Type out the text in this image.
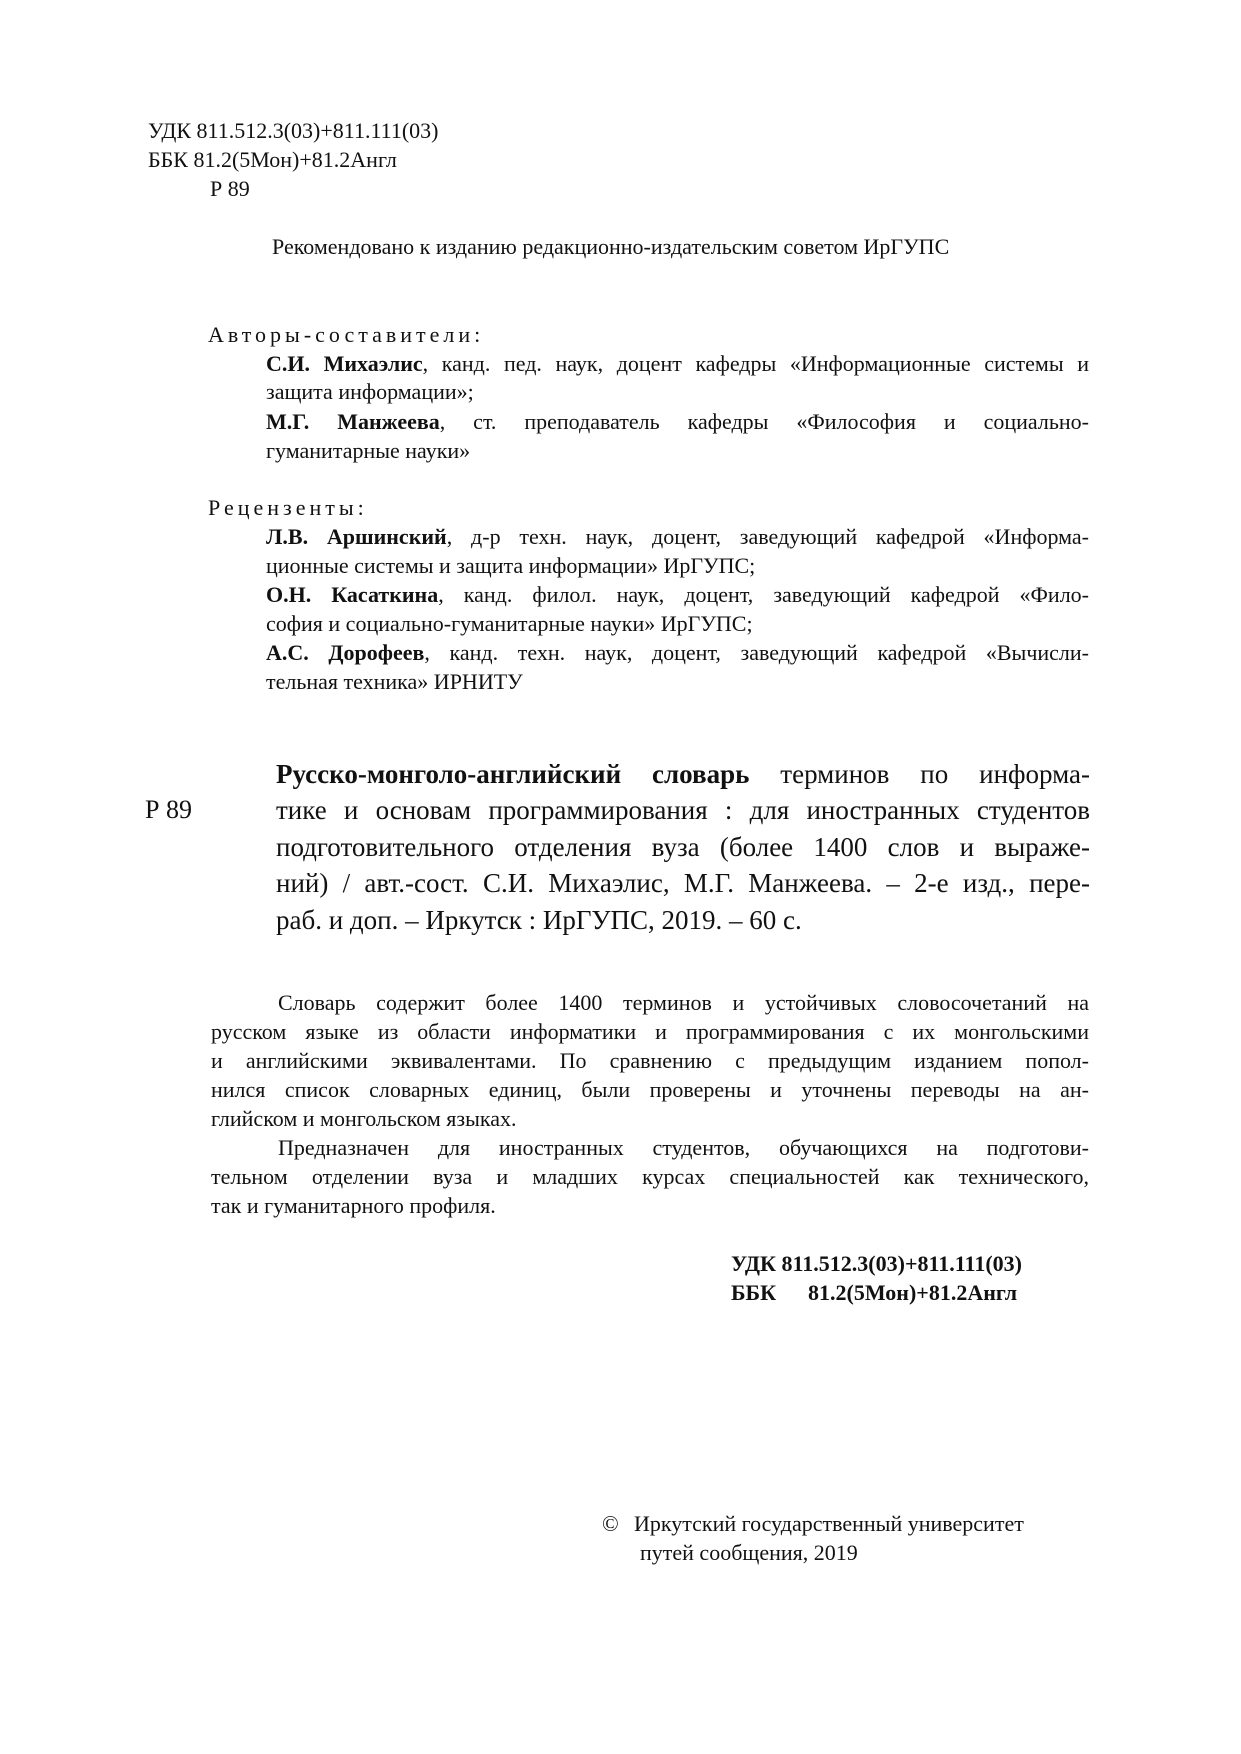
УДК 811.512.3(03)+811.111(03)

ББК 81.2(5Мон)+81.2Англ

Р 89

Рекомендовано к изданию редакционно-издательским советом ИрГУПС

Авторы-составители:

С.И. Михаэлис, канд. пед. наук, доцент кафедры «Информационные системы и

защита информации»;

М.Г. Манжеева, ст. преподаватель кафедры «Философия и социально-

гуманитарные науки»

Рецензенты:

Л.В. Аршинский, д-р техн. наук, доцент, заведующий кафедрой «Информа-

ционные системы и защита информации» ИрГУПС;

О.Н. Касаткина, канд. филол. наук, доцент, заведующий кафедрой «Фило-

софия и социально-гуманитарные науки» ИрГУПС;

А.С. Дорофеев, канд. техн. наук, доцент, заведующий кафедрой «Вычисли-

тельная техника» ИРНИТУ

Р 89

Русско-монголо-английский словарь терминов по информа-

тике и основам программирования : для иностранных студентов

подготовительного отделения вуза (более 1400 слов и выраже-

ний) / авт.-сост. С.И. Михаэлис, М.Г. Манжеева. – 2-е изд., пере-

раб. и доп. – Иркутск : ИрГУПС, 2019. – 60 с.

Словарь содержит более 1400 терминов и устойчивых словосочетаний на

русском языке из области информатики и программирования с их монгольскими

и английскими эквивалентами. По сравнению с предыдущим изданием попол-

нился список словарных единиц, были проверены и уточнены переводы на ан-

глийском и монгольском языках.

Предназначен для иностранных студентов, обучающихся на подготови-

тельном отделении вуза и младших курсах специальностей как технического,

так и гуманитарного профиля.

УДК 811.512.3(03)+811.111(03)

ББК 81.2(5Мон)+81.2Англ

© Иркутский государственный университет

путей сообщения, 2019
